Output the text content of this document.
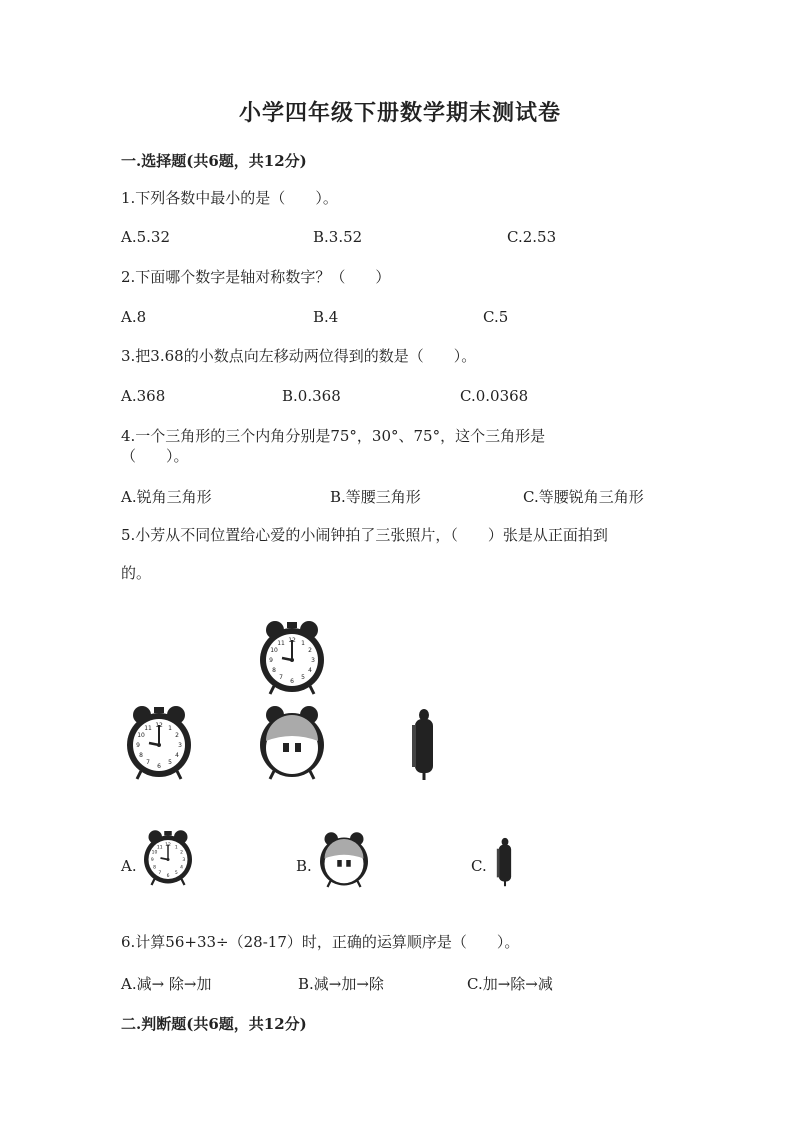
小学四年级下册数学期末测试卷
一.选择题(共6题，共12分)
1.下列各数中最小的是（　　）。
A.5.32	B.3.52	C.2.53
2.下面哪个数字是轴对称数字？（　　）
A.8	B.4	C.5
3.把3.68的小数点向左移动两位得到的数是（　　）。
A.368	B.0.368	C.0.0368
4.一个三角形的三个内角分别是75°，30°、75°，这个三角形是
（　　）。
A.锐角三角形	B.等腰三角形	C.等腰锐角三角形
5.小芳从不同位置给心爱的小闹钟拍了三张照片，（　　）张是从正面拍到
的。
A.	B.	C.
6.计算56+33÷（28-17）时，正确的运算顺序是（　　）。
A.减→ 除→加	B.减→加→除	C.加→除→减
二.判断题(共6题，共12分)
